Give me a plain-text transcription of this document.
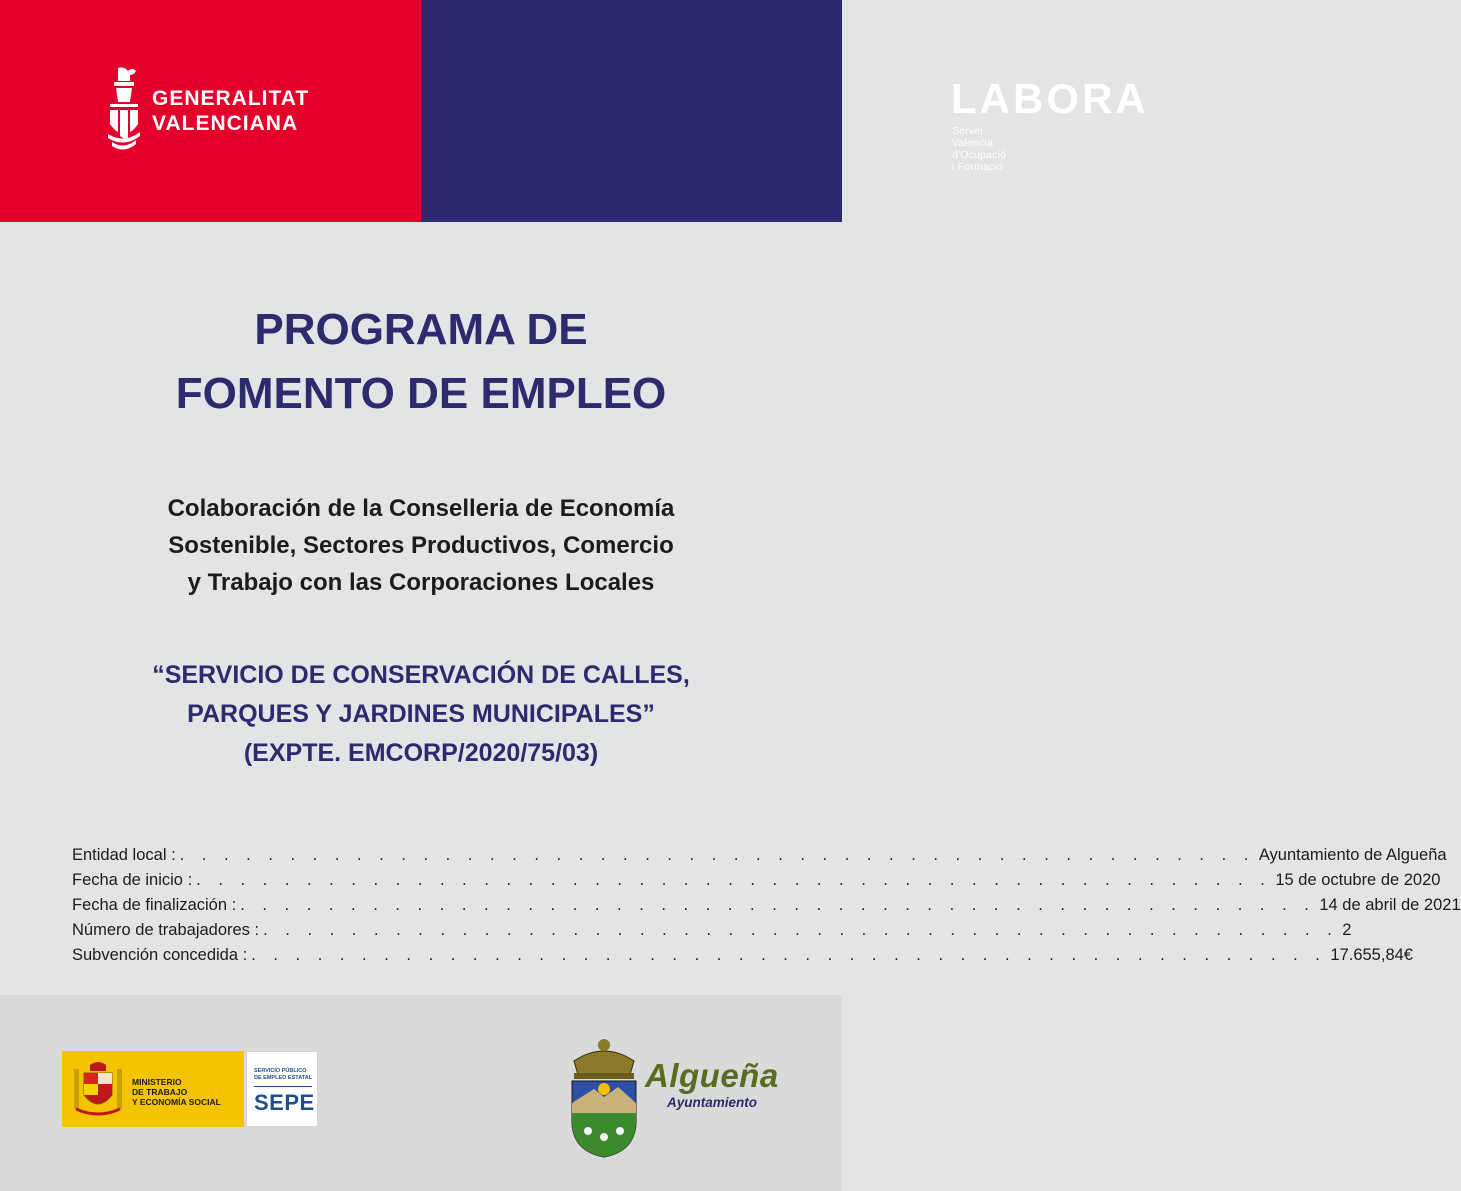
GENERALITAT
VALENCIANA
LABORA
Servei Valencià d'Ocupació i Formació
PROGRAMA DE
FOMENTO DE EMPLEO
Colaboración de la Conselleria de Economía
Sostenible, Sectores Productivos, Comercio
y Trabajo con las Corporaciones Locales
“SERVICIO DE CONSERVACIÓN DE CALLES,
PARQUES Y JARDINES MUNICIPALES”
(EXPTE. EMCORP/2020/75/03)
Entidad local : . . .	Ayuntamiento de Algueña
Fecha de inicio : . . .	15 de octubre de 2020
Fecha de finalización : . . .	14 de abril de 2021
Número de trabajadores : . . .	2
Subvención concedida : . . .	17.655,84€
MINISTERIO
DE TRABAJO
Y ECONOMÍA SOCIAL
SERVICIO PÚBLICO
DE EMPLEO ESTATAL
SEPE
Algueña
Ayuntamiento
